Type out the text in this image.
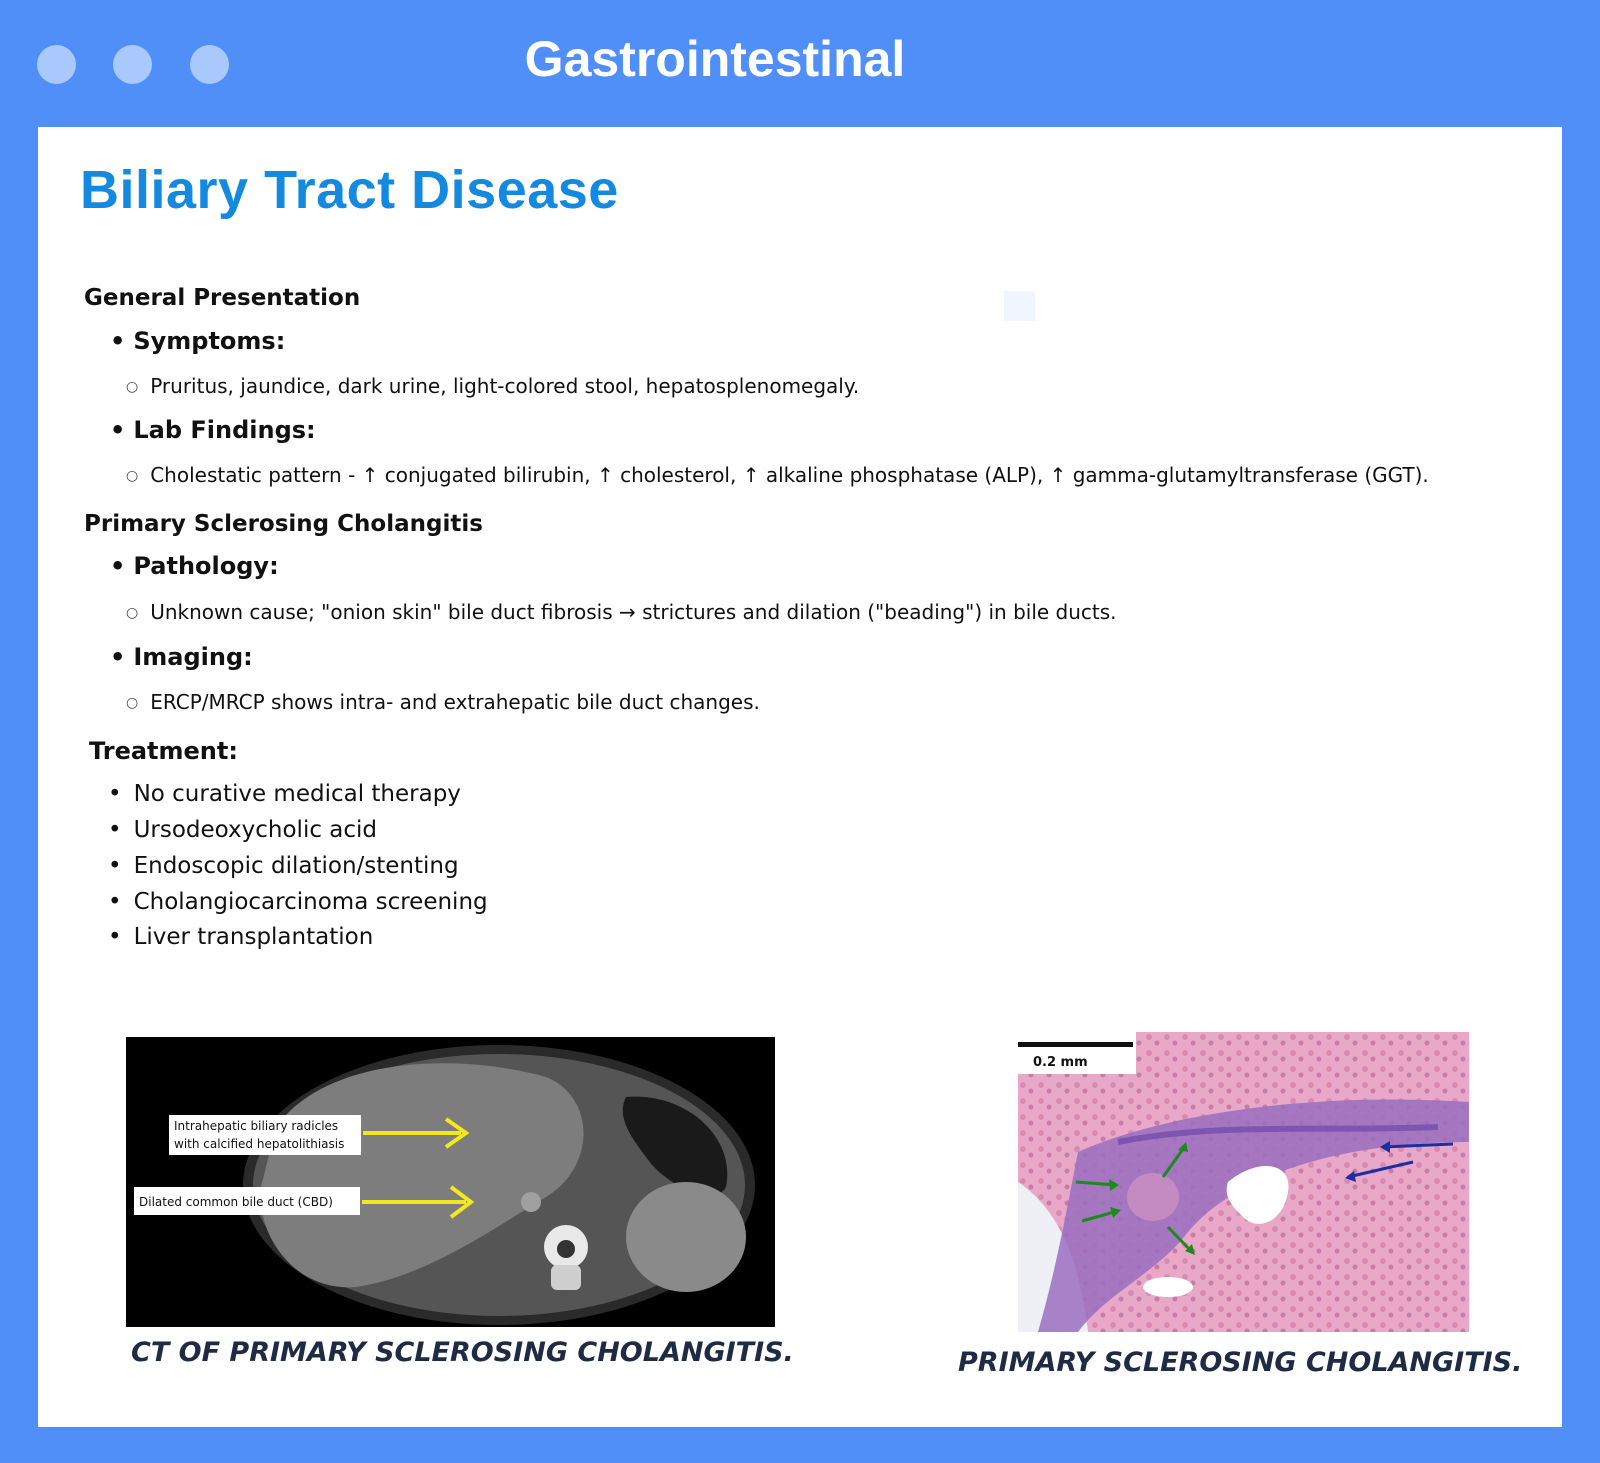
Gastrointestinal
Biliary Tract Disease
General Presentation
• Symptoms:
○ Pruritus, jaundice, dark urine, light-colored stool, hepatosplenomegaly.
• Lab Findings:
○ Cholestatic pattern - ↑ conjugated bilirubin, ↑ cholesterol, ↑ alkaline phosphatase (ALP), ↑ gamma-glutamyltransferase (GGT).
Primary Sclerosing Cholangitis
• Pathology:
○ Unknown cause; "onion skin" bile duct fibrosis → strictures and dilation ("beading") in bile ducts.
• Imaging:
○ ERCP/MRCP shows intra- and extrahepatic bile duct changes.
Treatment:
• No curative medical therapy
• Ursodeoxycholic acid
• Endoscopic dilation/stenting
• Cholangiocarcinoma screening
• Liver transplantation
Intrahepatic biliary radicles
with calcified hepatolithiasis
Dilated common bile duct (CBD)
CT OF PRIMARY SCLEROSING CHOLANGITIS.
0.2 mm
PRIMARY SCLEROSING CHOLANGITIS.
